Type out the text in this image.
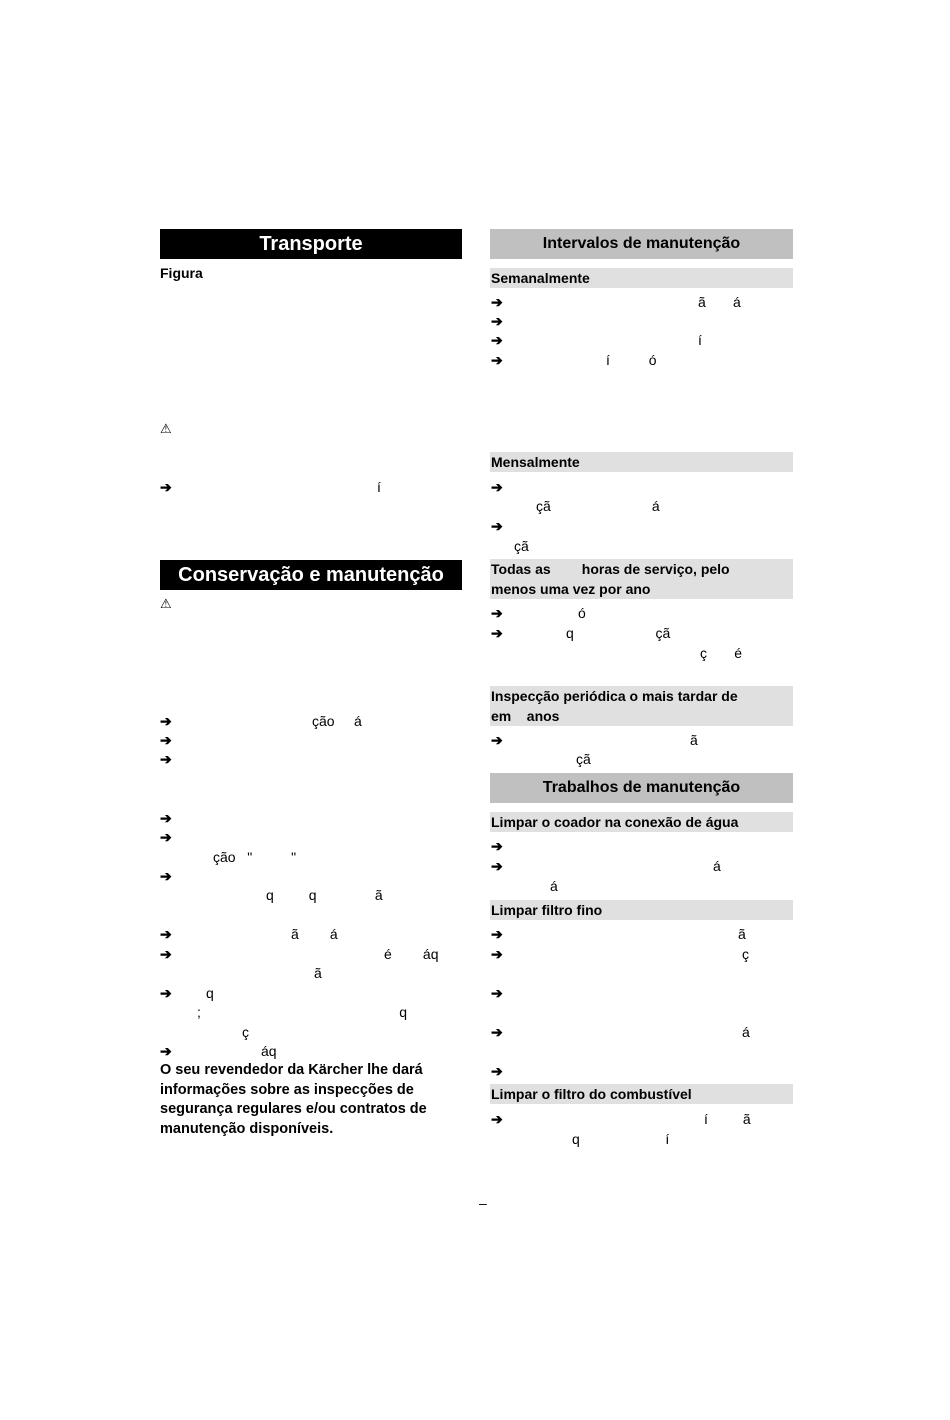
Transporte
Figura
⚠
➔	í
Conservação e manutenção
⚠
➔	ção     á
➔
➔
➔
➔
ção   "          "
➔
q         q               ã
➔	ã        á
➔	é        áq
ã
➔ q
;                                                   q
ç
➔	áq
O seu revendedor da Kärcher lhe dará informações sobre as inspecções de segurança regulares e/ou contratos de manutenção disponíveis.
Intervalos de manutenção
Semanalmente
➔	ã       á
➔
➔	í
➔	í          ó
Mensalmente
➔
çã                          á
➔
çã
Todas as        horas de serviço, pelo
menos uma vez por ano
➔	ó
➔	q                     çã
ç       é
Inspecção periódica o mais tardar de
em    anos
➔	ã
çã
Trabalhos de manutenção
Limpar o coador na conexão de água
➔
➔	á
á
Limpar filtro fino
➔	ã
➔	ç
➔
➔	á
➔
Limpar o filtro do combustível
➔	í         ã
q                      í
–
